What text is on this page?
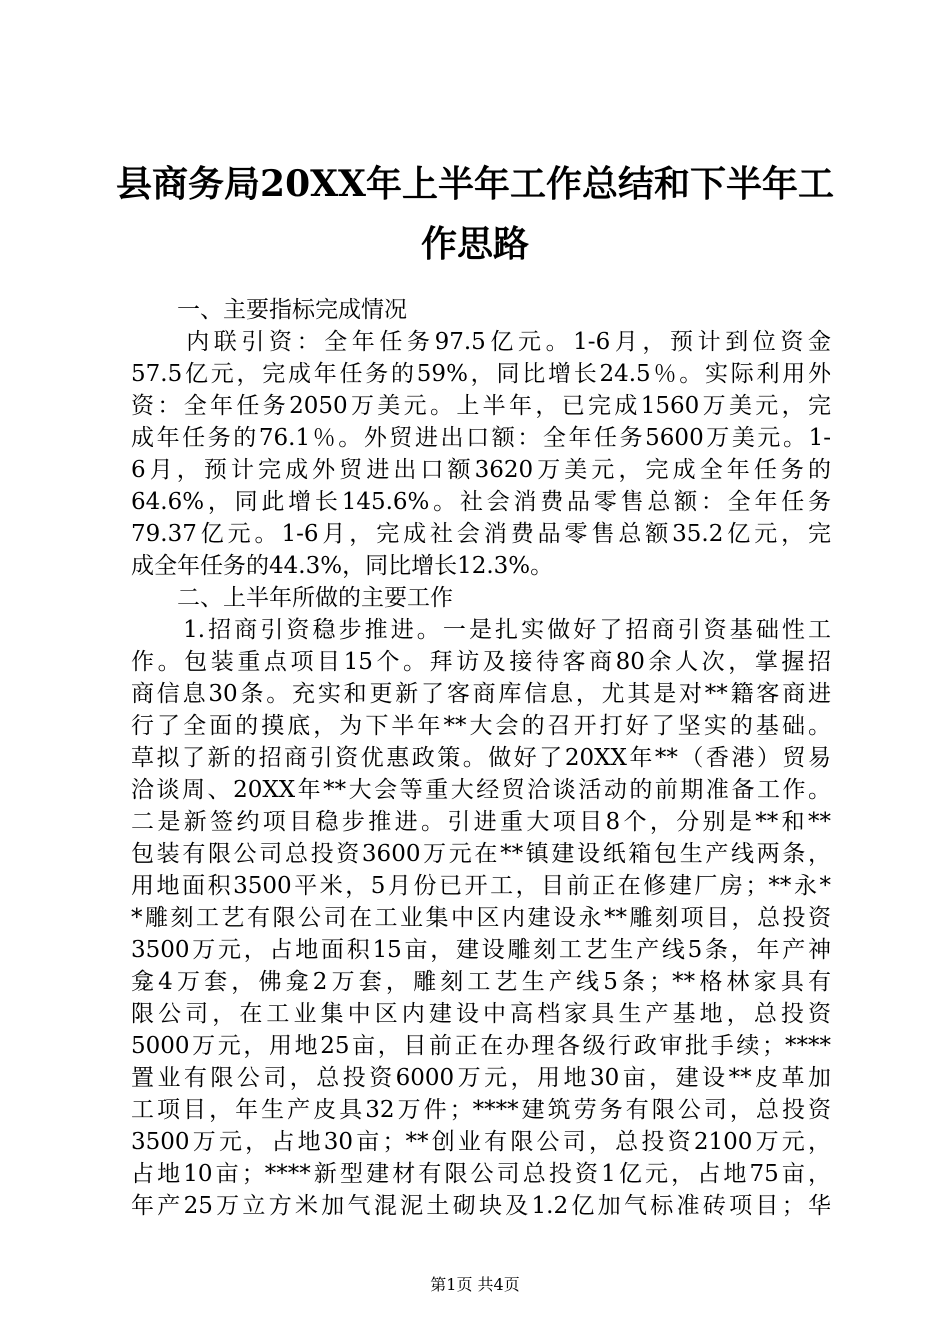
县商务局20XX年上半年工作总结和下半年工
作思路

　　一、主要指标完成情况

　　内联引资：全年任务97.5亿元。1-6月，预计到位资金

57.5亿元，完成年任务的59%，同比增长24.5％。实际利用外

资：全年任务2050万美元。上半年，已完成1560万美元，完

成年任务的76.1％。外贸进出口额：全年任务5600万美元。1-

6月，预计完成外贸进出口额3620万美元，完成全年任务的

64.6%，同此增长145.6%。社会消费品零售总额：全年任务

79.37亿元。1-6月，完成社会消费品零售总额35.2亿元，完

成全年任务的44.3%，同比增长12.3%。

　　二、上半年所做的主要工作

　　1.招商引资稳步推进。一是扎实做好了招商引资基础性工

作。包装重点项目15个。拜访及接待客商80余人次，掌握招

商信息30条。充实和更新了客商库信息，尤其是对**籍客商进

行了全面的摸底，为下半年**大会的召开打好了坚实的基础。

草拟了新的招商引资优惠政策。做好了20XX年**（香港）贸易

洽谈周、20XX年**大会等重大经贸洽谈活动的前期准备工作。

二是新签约项目稳步推进。引进重大项目8个，分别是**和**

包装有限公司总投资3600万元在**镇建设纸箱包生产线两条，

用地面积3500平米，5月份已开工，目前正在修建厂房；**永*

*雕刻工艺有限公司在工业集中区内建设永**雕刻项目，总投资

3500万元，占地面积15亩，建设雕刻工艺生产线5条，年产神

龛4万套，佛龛2万套，雕刻工艺生产线5条；**格林家具有

限公司，在工业集中区内建设中高档家具生产基地，总投资

5000万元，用地25亩，目前正在办理各级行政审批手续；****

置业有限公司，总投资6000万元，用地30亩，建设**皮革加

工项目，年生产皮具32万件；****建筑劳务有限公司，总投资

3500万元，占地30亩；**创业有限公司，总投资2100万元，

占地10亩；****新型建材有限公司总投资1亿元，占地75亩，

年产25万立方米加气混泥土砌块及1.2亿加气标准砖项目；华

第1页 共4页
